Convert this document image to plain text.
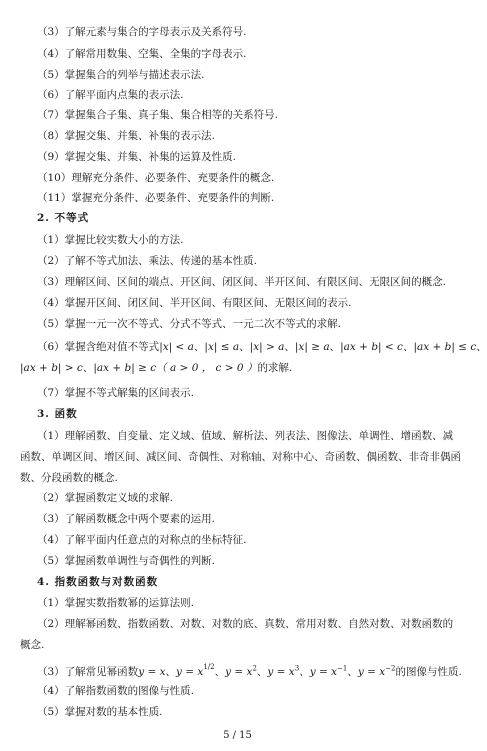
（3）了解元素与集合的字母表示及关系符号.
（4）了解常用数集、空集、全集的字母表示.
（5）掌握集合的列举与描述表示法.
（6）了解平面内点集的表示法.
（7）掌握集合子集、真子集、集合相等的关系符号.
（8）掌握交集、并集、补集的表示法.
（9）掌握交集、并集、补集的运算及性质.
（10）理解充分条件、必要条件、充要条件的概念.
（11）掌握充分条件、必要条件、充要条件的判断.
2. 不等式
（1）掌握比较实数大小的方法.
（2）了解不等式加法、乘法、传递的基本性质.
（3）理解区间、区间的端点、开区间、闭区间、半开区间、有限区间、无限区间的概念.
（4）掌握开区间、闭区间、半开区间、有限区间、无限区间的表示.
（5）掌握一元一次不等式、分式不等式、一元二次不等式的求解.
（6）掌握含绝对值不等式|x| < a、|x| ≤ a、|x| > a、|x| ≥ a、|ax + b| < c、|ax + b| ≤ c、
|ax + b| > c、|ax + b| ≥ c（ a > 0 ， c > 0 ）的求解.
（7）掌握不等式解集的区间表示.
3. 函数
（1）理解函数、自变量、定义域、值域、解析法、列表法、图像法、单调性、增函数、减
函数、单调区间、增区间、减区间、奇偶性、对称轴、对称中心、奇函数、偶函数、非奇非偶函
数、分段函数的概念.
（2）掌握函数定义域的求解.
（3）了解函数概念中两个要素的运用.
（4）了解平面内任意点的对称点的坐标特征.
（5）掌握函数单调性与奇偶性的判断.
4. 指数函数与对数函数
（1）掌握实数指数幂的运算法则.
（2）理解幂函数、指数函数、对数、对数的底、真数、常用对数、自然对数、对数函数的
概念.
（3）了解常见幂函数y = x、$y = x^{1/2}$、$y = x^2$、$y = x^3$、$y = x^{-1}$、$y = x^{-2}$的图像与性质.
（4）了解指数函数的图像与性质.
（5）掌握对数的基本性质.
5 / 15
